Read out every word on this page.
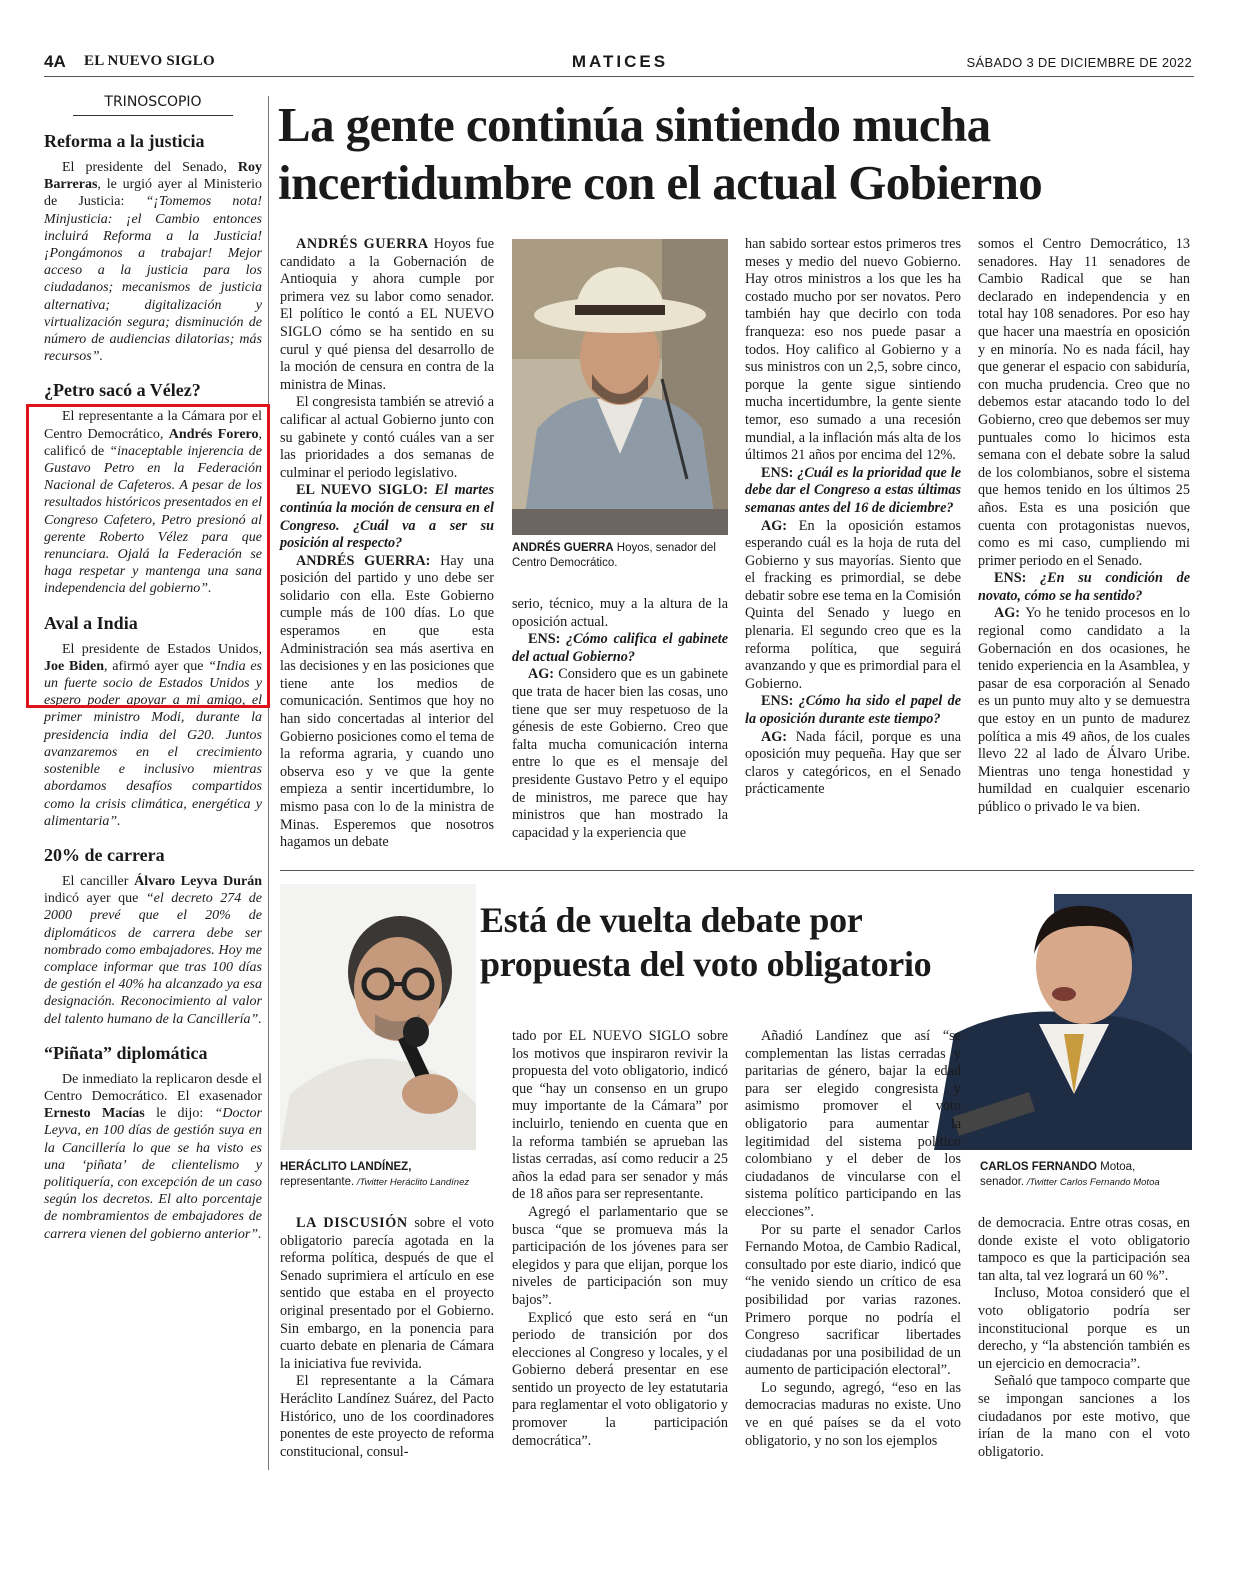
4A EL NUEVO SIGLO	MATICES	SÁBADO 3 DE DICIEMBRE DE 2022
TRINOSCOPIO
Reforma a la justicia
El presidente del Senado, Roy Barreras, le urgió ayer al Ministerio de Justicia: “¡Tomemos nota! Minjusticia: ¡el Cambio entonces incluirá Reforma a la Justicia! ¡Pongámonos a trabajar! Mejor acceso a la justicia para los ciudadanos; mecanismos de justicia alternativa; digitalización y virtualización segura; disminución de número de audiencias dilatorias; más recursos”.
¿Petro sacó a Vélez?
El representante a la Cámara por el Centro Democrático, Andrés Forero, calificó de “inaceptable injerencia de Gustavo Petro en la Federación Nacional de Cafeteros. A pesar de los resultados históricos presentados en el Congreso Cafetero, Petro presionó al gerente Roberto Vélez para que renunciara. Ojalá la Federación se haga respetar y mantenga una sana independencia del gobierno”.
Aval a India
El presidente de Estados Unidos, Joe Biden, afirmó ayer que “India es un fuerte socio de Estados Unidos y espero poder apoyar a mi amigo, el primer ministro Modi, durante la presidencia india del G20. Juntos avanzaremos en el crecimiento sostenible e inclusivo mientras abordamos desafíos compartidos como la crisis climática, energética y alimentaria”.
20% de carrera
El canciller Álvaro Leyva Durán indicó ayer que “el decreto 274 de 2000 prevé que el 20% de diplomáticos de carrera debe ser nombrado como embajadores. Hoy me complace informar que tras 100 días de gestión el 40% ha alcanzado ya esa designación. Reconocimiento al valor del talento humano de la Cancillería”.
“Piñata” diplomática
De inmediato la replicaron desde el Centro Democrático. El exasenador Ernesto Macías le dijo: “Doctor Leyva, en 100 días de gestión suya en la Cancillería lo que se ha visto es una ‘piñata’ de clientelismo y politiquería, con excepción de un caso según los decretos. El alto porcentaje de nombramientos de embajadores de carrera vienen del gobierno anterior”.
La gente continúa sintiendo mucha incertidumbre con el actual Gobierno

ANDRÉS GUERRA Hoyos fue candidato a la Gobernación de Antioquia y ahora cumple por primera vez su labor como senador. El político le contó a EL NUEVO SIGLO cómo se ha sentido en su curul y qué piensa del desarrollo de la moción de censura en contra de la ministra de Minas.

El congresista también se atrevió a calificar al actual Gobierno junto con su gabinete y contó cuáles van a ser las prioridades a dos semanas de culminar el periodo legislativo.

EL NUEVO SIGLO: El martes continúa la moción de censura en el Congreso. ¿Cuál va a ser su posición al respecto?

ANDRÉS GUERRA: Hay una posición del partido y uno debe ser solidario con ella. Este Gobierno cumple más de 100 días. Lo que esperamos en que esta Administración sea más asertiva en las decisiones y en las posiciones que tiene ante los medios de comunicación. Sentimos que hoy no han sido concertadas al interior del Gobierno posiciones como el tema de la reforma agraria, y cuando uno observa eso y ve que la gente empieza a sentir incertidumbre, lo mismo pasa con lo de la ministra de Minas. Esperemos que nosotros hagamos un debate

ANDRÉS GUERRA Hoyos, senador del Centro Democrático.

serio, técnico, muy a la altura de la oposición actual.

ENS: ¿Cómo califica el gabinete del actual Gobierno?

AG: Considero que es un gabinete que trata de hacer bien las cosas, uno tiene que ser muy respetuoso de la génesis de este Gobierno. Creo que falta mucha comunicación interna entre lo que es el mensaje del presidente Gustavo Petro y el equipo de ministros, me parece que hay ministros que han mostrado la capacidad y la experiencia que

han sabido sortear estos primeros tres meses y medio del nuevo Gobierno. Hay otros ministros a los que les ha costado mucho por ser novatos. Pero también hay que decirlo con toda franqueza: eso nos puede pasar a todos. Hoy califico al Gobierno y a sus ministros con un 2,5, sobre cinco, porque la gente sigue sintiendo mucha incertidumbre, la gente siente temor, eso sumado a una recesión mundial, a la inflación más alta de los últimos 21 años por encima del 12%.

ENS: ¿Cuál es la prioridad que le debe dar el Congreso a estas últimas semanas antes del 16 de diciembre?

AG: En la oposición estamos esperando cuál es la hoja de ruta del Gobierno y sus mayorías. Siento que el fracking es primordial, se debe debatir sobre ese tema en la Comisión Quinta del Senado y luego en plenaria. El segundo creo que es la reforma política, que seguirá avanzando y que es primordial para el Gobierno.

ENS: ¿Cómo ha sido el papel de la oposición durante este tiempo?

AG: Nada fácil, porque es una oposición muy pequeña. Hay que ser claros y categóricos, en el Senado prácticamente

somos el Centro Democrático, 13 senadores. Hay 11 senadores de Cambio Radical que se han declarado en independencia y en total hay 108 senadores. Por eso hay que hacer una maestría en oposición y en minoría. No es nada fácil, hay que generar el espacio con sabiduría, con mucha prudencia. Creo que no debemos estar atacando todo lo del Gobierno, creo que debemos ser muy puntuales como lo hicimos esta semana con el debate sobre la salud de los colombianos, sobre el sistema que hemos tenido en los últimos 25 años. Esta es una posición que cuenta con protagonistas nuevos, como es mi caso, cumpliendo mi primer periodo en el Senado.

ENS: ¿En su condición de novato, cómo se ha sentido?

AG: Yo he tenido procesos en lo regional como candidato a la Gobernación en dos ocasiones, he tenido experiencia en la Asamblea, y pasar de esa corporación al Senado es un punto muy alto y se demuestra que estoy en un punto de madurez política a mis 49 años, de los cuales llevo 22 al lado de Álvaro Uribe. Mientras uno tenga honestidad y humildad en cualquier escenario público o privado le va bien.

HERÁCLITO LANDÍNEZ,
representante. /Twitter Heráclito Landínez
Está de vuelta debate por propuesta del voto obligatorio

LA DISCUSIÓN sobre el voto obligatorio parecía agotada en la reforma política, después de que el Senado suprimiera el artículo en ese sentido que estaba en el proyecto original presentado por el Gobierno. Sin embargo, en la ponencia para cuarto debate en plenaria de Cámara la iniciativa fue revivida.

El representante a la Cámara Heráclito Landínez Suárez, del Pacto Histórico, uno de los coordinadores ponentes de este proyecto de reforma constitucional, consul-

tado por EL NUEVO SIGLO sobre los motivos que inspiraron revivir la propuesta del voto obligatorio, indicó que “hay un consenso en un grupo muy importante de la Cámara” por incluirlo, teniendo en cuenta que en la reforma también se aprueban las listas cerradas, así como reducir a 25 años la edad para ser senador y más de 18 años para ser representante.

Agregó el parlamentario que se busca “que se promueva más la participación de los jóvenes para ser elegidos y para que elijan, porque los niveles de participación son muy bajos”.

Explicó que esto será en “un periodo de transición por dos elecciones al Congreso y locales, y el Gobierno deberá presentar en ese sentido un proyecto de ley estatutaria para reglamentar el voto obligatorio y promover la participación democrática”.

Añadió Landínez que así “se complementan las listas cerradas y paritarias de género, bajar la edad para ser elegido congresista y asimismo promover el voto obligatorio para aumentar la legitimidad del sistema político colombiano y el deber de los ciudadanos de vincularse con el sistema político participando en las elecciones”.

Por su parte el senador Carlos Fernando Motoa, de Cambio Radical, consultado por este diario, indicó que “he venido siendo un crítico de esa posibilidad por varias razones. Primero porque no podría el Congreso sacrificar libertades ciudadanas por una posibilidad de un aumento de participación electoral”.

Lo segundo, agregó, “eso en las democracias maduras no existe. Uno ve en qué países se da el voto obligatorio, y no son los ejemplos

CARLOS FERNANDO Motoa,
senador. /Twitter Carlos Fernando Motoa

de democracia. Entre otras cosas, en donde existe el voto obligatorio tampoco es que la participación sea tan alta, tal vez logrará un 60 %”.

Incluso, Motoa consideró que el voto obligatorio podría ser inconstitucional porque es un derecho, y “la abstención también es un ejercicio en democracia”.

Señaló que tampoco comparte que se impongan sanciones a los ciudadanos por este motivo, que irían de la mano con el voto obligatorio.
